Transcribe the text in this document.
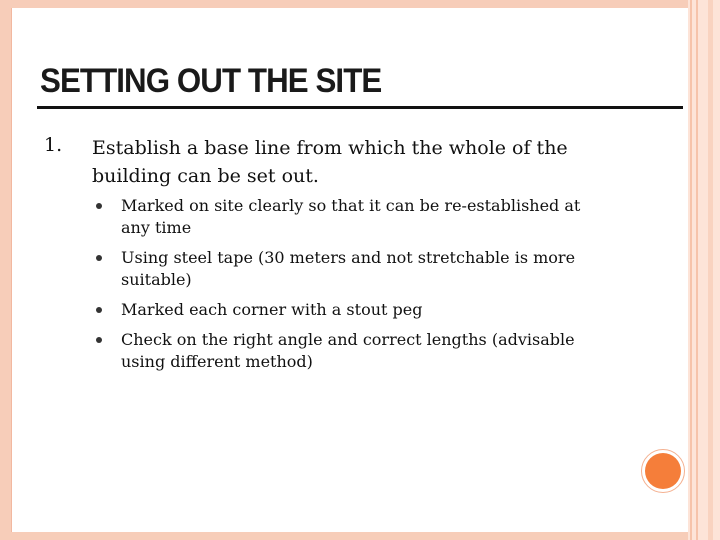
SETTING OUT THE SITE
1. Establish a base line from which the whole of the building can be set out.
Marked on site clearly so that it can be re-established at any time
Using steel tape (30 meters and not stretchable is more suitable)
Marked each corner with a stout peg
Check on the right angle and correct lengths (advisable using different method)
